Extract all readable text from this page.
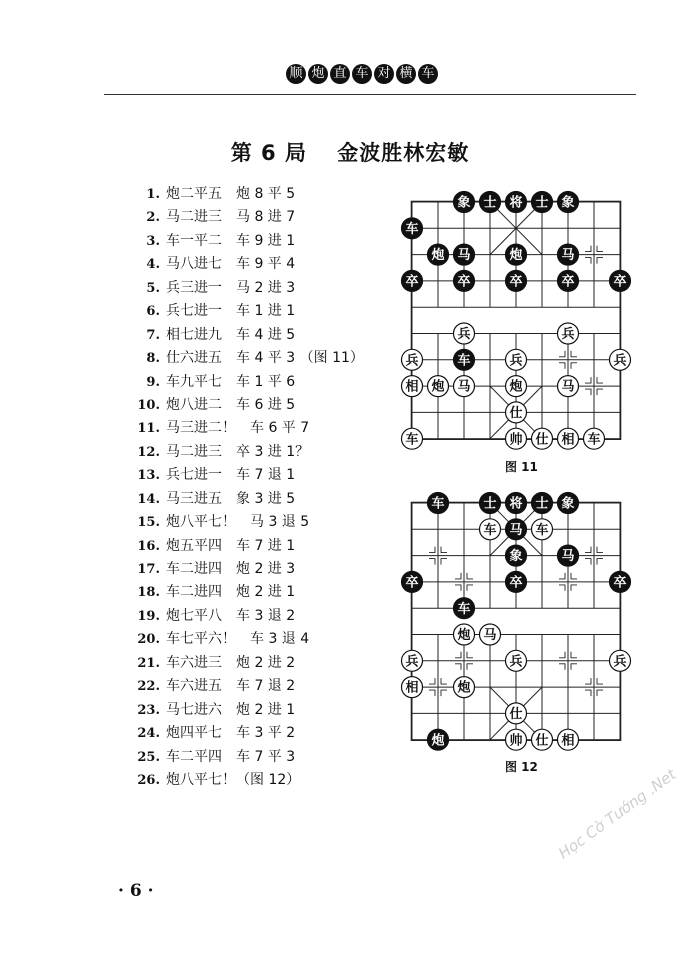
顺 炮 直 车 对 横 车
第 6 局 金波胜林宏敏
1. 炮二平五 炮 8 平 5
2. 马二进三 马 8 进 7
3. 车一平二 车 9 进 1
4. 马八进七 车 9 平 4
5. 兵三进一 马 2 进 3
6. 兵七进一 车 1 进 1
7. 相七进九 车 4 进 5
8. 仕六进五 车 4 平 3 （图 11）
9. 车九平七 车 1 平 6
10. 炮八进二 车 6 进 5
11. 马三进二！ 车 6 平 7
12. 马二进三 卒 3 进 1？
13. 兵七进一 车 7 退 1
14. 马三进五 象 3 进 5
15. 炮八平七！ 马 3 退 5
16. 炮五平四 车 7 进 1
17. 车二进四 炮 2 进 3
18. 车二进四 炮 2 进 1
19. 炮七平八 车 3 退 2
20. 车七平六！ 车 3 退 4
21. 车六进三 炮 2 进 2
22. 车六进五 车 7 退 2
23. 马七进六 炮 2 进 1
24. 炮四平七 车 3 平 2
25. 车二平四 车 7 平 3
26. 炮八平七！（图 12）
象 士 将 士 象
车
炮 马	炮	马
卒	卒	卒	卒	卒
兵	兵
兵	车	兵	兵
相 炮 马	炮	马
仕
车	帅 仕 相 车
图 11
车	士 将 士 象
车 马 车
象	马
卒	卒	卒
车
炮 马
兵	兵	兵
相	炮
仕
炮	帅 仕 相
图 12
· 6 ·
Học Cờ Tướng .Net
